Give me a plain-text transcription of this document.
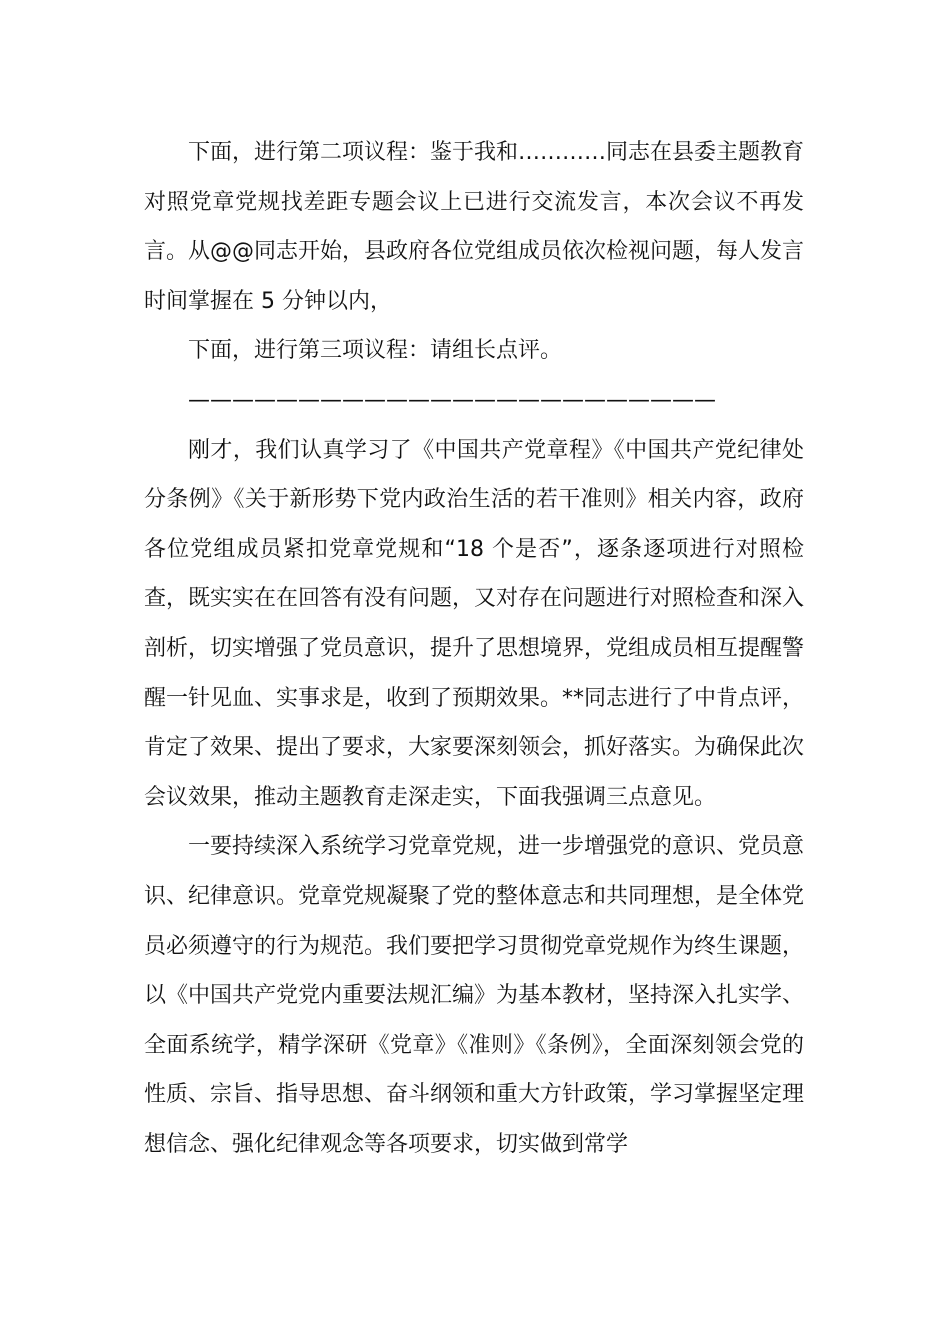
下面，进行第二项议程：鉴于我和…………同志在县委主题教育对照党章党规找差距专题会议上已进行交流发言，本次会议不再发言。从@@同志开始，县政府各位党组成员依次检视问题，每人发言时间掌握在 5 分钟以内，

下面，进行第三项议程：请组长点评。

————————————————————————

刚才，我们认真学习了《中国共产党章程》《中国共产党纪律处分条例》《关于新形势下党内政治生活的若干准则》相关内容，政府各位党组成员紧扣党章党规和“18 个是否”，逐条逐项进行对照检查，既实实在在回答有没有问题，又对存在问题进行对照检查和深入剖析，切实增强了党员意识，提升了思想境界，党组成员相互提醒警醒一针见血、实事求是，收到了预期效果。**同志进行了中肯点评，肯定了效果、提出了要求，大家要深刻领会，抓好落实。为确保此次会议效果，推动主题教育走深走实，下面我强调三点意见。

一要持续深入系统学习党章党规，进一步增强党的意识、党员意识、纪律意识。党章党规凝聚了党的整体意志和共同理想，是全体党员必须遵守的行为规范。我们要把学习贯彻党章党规作为终生课题，以《中国共产党党内重要法规汇编》为基本教材，坚持深入扎实学、全面系统学，精学深研《党章》《准则》《条例》，全面深刻领会党的性质、宗旨、指导思想、奋斗纲领和重大方针政策，学习掌握坚定理想信念、强化纪律观念等各项要求，切实做到常学
